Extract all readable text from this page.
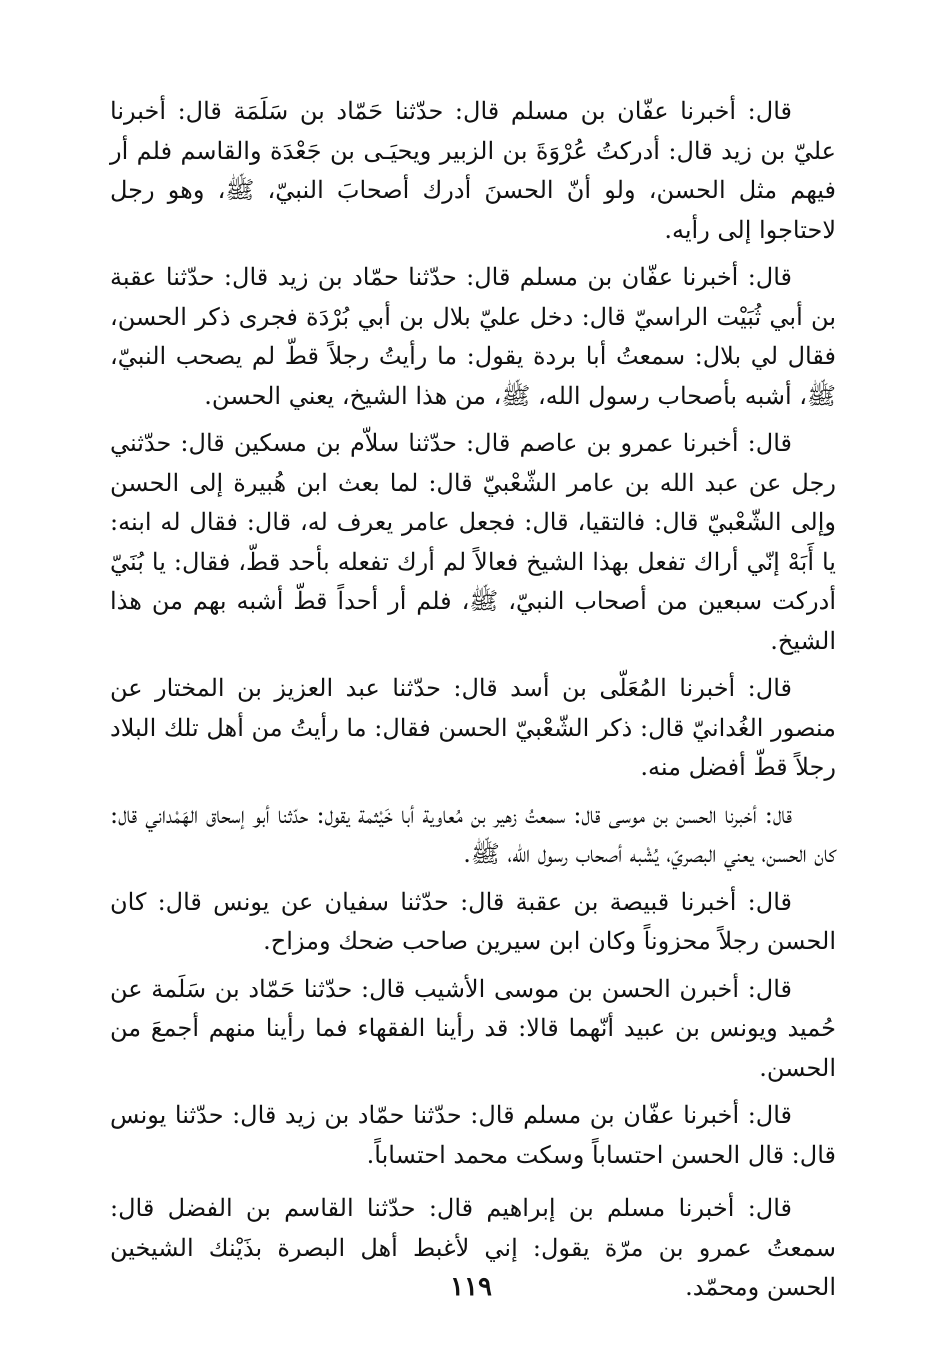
قال: أخبرنا عفّان بن مسلم قال: حدّثنا حَمّاد بن سَلَمَة قال: أخبرنا عليّ بن زيد قال: أدركتُ عُرْوَةَ بن الزبير ويحيَـى بن جَعْدَة والقاسم فلم أر فيهم مثل الحسن، ولو أنّ الحسنَ أدرك أصحابَ النبيّ، ﷺ، وهو رجل لاحتاجوا إلى رأيه.

قال: أخبرنا عفّان بن مسلم قال: حدّثنا حمّاد بن زيد قال: حدّثنا عقبة بن أبي ثُبَيْت الراسيّ قال: دخل عليّ بلال بن أبي بُرْدَة فجرى ذكر الحسن، فقال لي بلال: سمعتُ أبا بردة يقول: ما رأيتُ رجلاً قطّ لم يصحب النبيّ، ﷺ، أشبه بأصحاب رسول الله، ﷺ، من هذا الشيخ، يعني الحسن.

قال: أخبرنا عمرو بن عاصم قال: حدّثنا سلاّم بن مسكين قال: حدّثني رجل عن عبد الله بن عامر الشّعْبيّ قال: لما بعث ابن هُبيرة إلى الحسن وإلى الشّعْبيّ قال: فالتقيا، قال: فجعل عامر يعرف له، قال: فقال له ابنه: يا أَبَهْ إنّي أراك تفعل بهذا الشيخ فعالاً لم أرك تفعله بأحد قطّ، فقال: يا بُنَيّ أدركت سبعين من أصحاب النبيّ، ﷺ، فلم أر أحداً قطّ أشبه بهم من هذا الشيخ.

قال: أخبرنا المُعَلّى بن أسد قال: حدّثنا عبد العزيز بن المختار عن منصور الغُدانيّ قال: ذكر الشّعْبيّ الحسن فقال: ما رأيتُ من أهل تلك البلاد رجلاً قطّ أفضل منه.

قال: أخبرنا الحسن بن موسى قال: سمعتُ زهير بن مُعاوية أبا خَيْثمة يقول: حدّثنا أبو إسحاق الهَمْداني قال: كان الحسن، يعني البصريّ، يُشْبه أصحاب رسول الله، ﷺ.

قال: أخبرنا قبيصة بن عقبة قال: حدّثنا سفيان عن يونس قال: كان الحسن رجلاً محزوناً وكان ابن سيرين صاحب ضحك ومزاح.

قال: أخبرن الحسن بن موسى الأشيب قال: حدّثنا حَمّاد بن سَلَمة عن حُميد ويونس بن عبيد أنّهما قالا: قد رأينا الفقهاء فما رأينا منهم أجمعَ من الحسن.

قال: أخبرنا عفّان بن مسلم قال: حدّثنا حمّاد بن زيد قال: حدّثنا يونس قال: قال الحسن احتساباً وسكت محمد احتساباً.

قال: أخبرنا مسلم بن إبراهيم قال: حدّثنا القاسم بن الفضل قال: سمعتُ عمرو بن مرّة يقول: إني لأغبط أهل البصرة بذَيْنك الشيخين الحسن ومحمّد.

١١٩
